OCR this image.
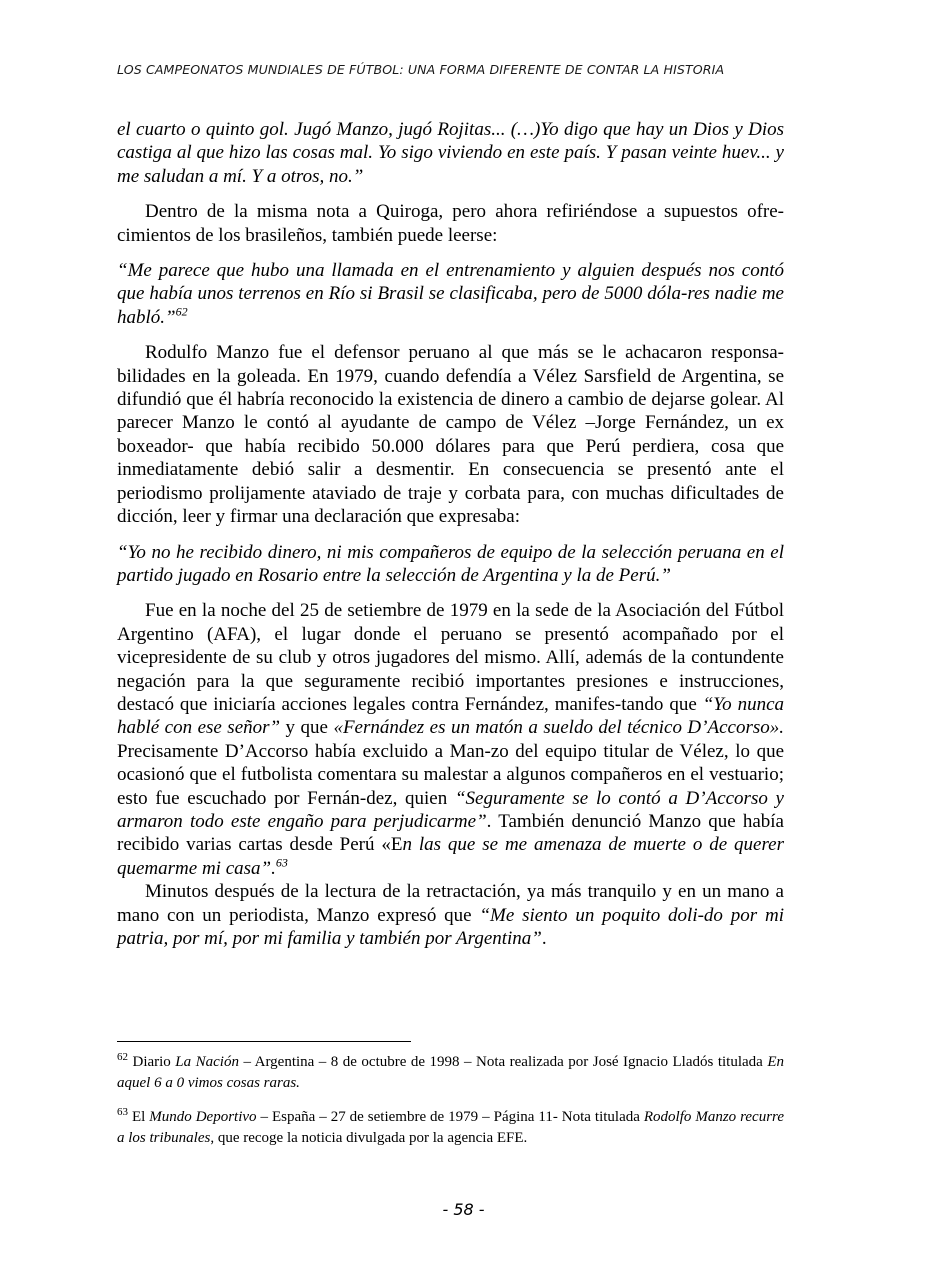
LOS CAMPEONATOS MUNDIALES DE FÚTBOL: UNA FORMA DIFERENTE DE CONTAR LA HISTORIA

el cuarto o quinto gol. Jugó Manzo, jugó Rojitas... (…)Yo digo que hay un Dios y Dios castiga al que hizo las cosas mal. Yo sigo viviendo en este país. Y pasan veinte huev... y me saludan a mí. Y a otros, no.”

Dentro de la misma nota a Quiroga, pero ahora refiriéndose a supuestos ofre-cimientos de los brasileños, también puede leerse:

“Me parece que hubo una llamada en el entrenamiento y alguien después nos contó que había unos terrenos en Río si Brasil se clasificaba, pero de 5000 dóla-res nadie me habló.”$^{62}$

Rodulfo Manzo fue el defensor peruano al que más se le achacaron responsa-bilidades en la goleada. En 1979, cuando defendía a Vélez Sarsfield de Argentina, se difundió que él habría reconocido la existencia de dinero a cambio de dejarse golear. Al parecer Manzo le contó al ayudante de campo de Vélez –Jorge Fernández, un ex boxeador- que había recibido 50.000 dólares para que Perú perdiera, cosa que inmediatamente debió salir a desmentir. En consecuencia se presentó ante el periodismo prolijamente ataviado de traje y corbata para, con muchas dificultades de dicción, leer y firmar una declaración que expresaba:

“Yo no he recibido dinero, ni mis compañeros de equipo de la selección peruana en el partido jugado en Rosario entre la selección de Argentina y la de Perú.”

Fue en la noche del 25 de setiembre de 1979 en la sede de la Asociación del Fútbol Argentino (AFA), el lugar donde el peruano se presentó acompañado por el vicepresidente de su club y otros jugadores del mismo. Allí, además de la contundente negación para la que seguramente recibió importantes presiones e instrucciones, destacó que iniciaría acciones legales contra Fernández, manifes-tando que “Yo nunca hablé con ese señor” y que «Fernández es un matón a sueldo del técnico D’Accorso». Precisamente D’Accorso había excluido a Man-zo del equipo titular de Vélez, lo que ocasionó que el futbolista comentara su malestar a algunos compañeros en el vestuario; esto fue escuchado por Fernán-dez, quien “Seguramente se lo contó a D’Accorso y armaron todo este engaño para perjudicarme”. También denunció Manzo que había recibido varias cartas desde Perú «En las que se me amenaza de muerte o de querer quemarme mi casa”.$^{63}$

Minutos después de la lectura de la retractación, ya más tranquilo y en un mano a mano con un periodista, Manzo expresó que “Me siento un poquito doli-do por mi patria, por mí, por mi familia y también por Argentina”.

$^{62}$ Diario La Nación – Argentina – 8 de octubre de 1998 – Nota realizada por José Ignacio Lladós titulada En aquel 6 a 0 vimos cosas raras.

$^{63}$ El Mundo Deportivo – España – 27 de setiembre de 1979 – Página 11- Nota titulada Rodolfo Manzo recurre a los tribunales, que recoge la noticia divulgada por la agencia EFE.

- 58 -
